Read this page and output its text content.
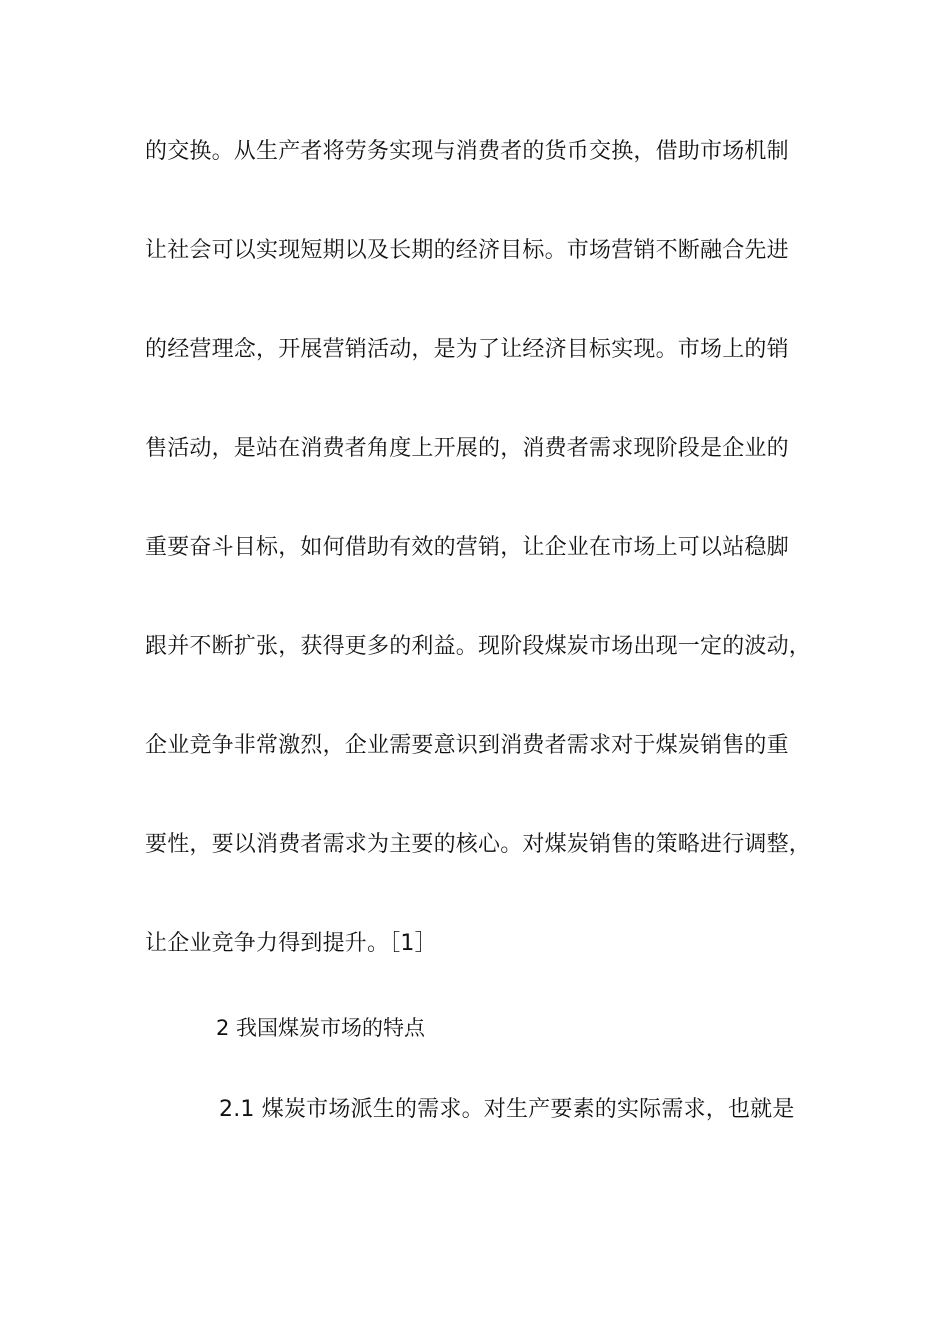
的交换。从生产者将劳务实现与消费者的货币交换，借助市场机制
让社会可以实现短期以及长期的经济目标。市场营销不断融合先进
的经营理念，开展营销活动，是为了让经济目标实现。市场上的销
售活动，是站在消费者角度上开展的，消费者需求现阶段是企业的
重要奋斗目标，如何借助有效的营销，让企业在市场上可以站稳脚
跟并不断扩张，获得更多的利益。现阶段煤炭市场出现一定的波动，
企业竞争非常激烈，企业需要意识到消费者需求对于煤炭销售的重
要性，要以消费者需求为主要的核心。对煤炭销售的策略进行调整，
让企业竞争力得到提升。［1］
2 我国煤炭市场的特点
2.1 煤炭市场派生的需求。对生产要素的实际需求，也就是
